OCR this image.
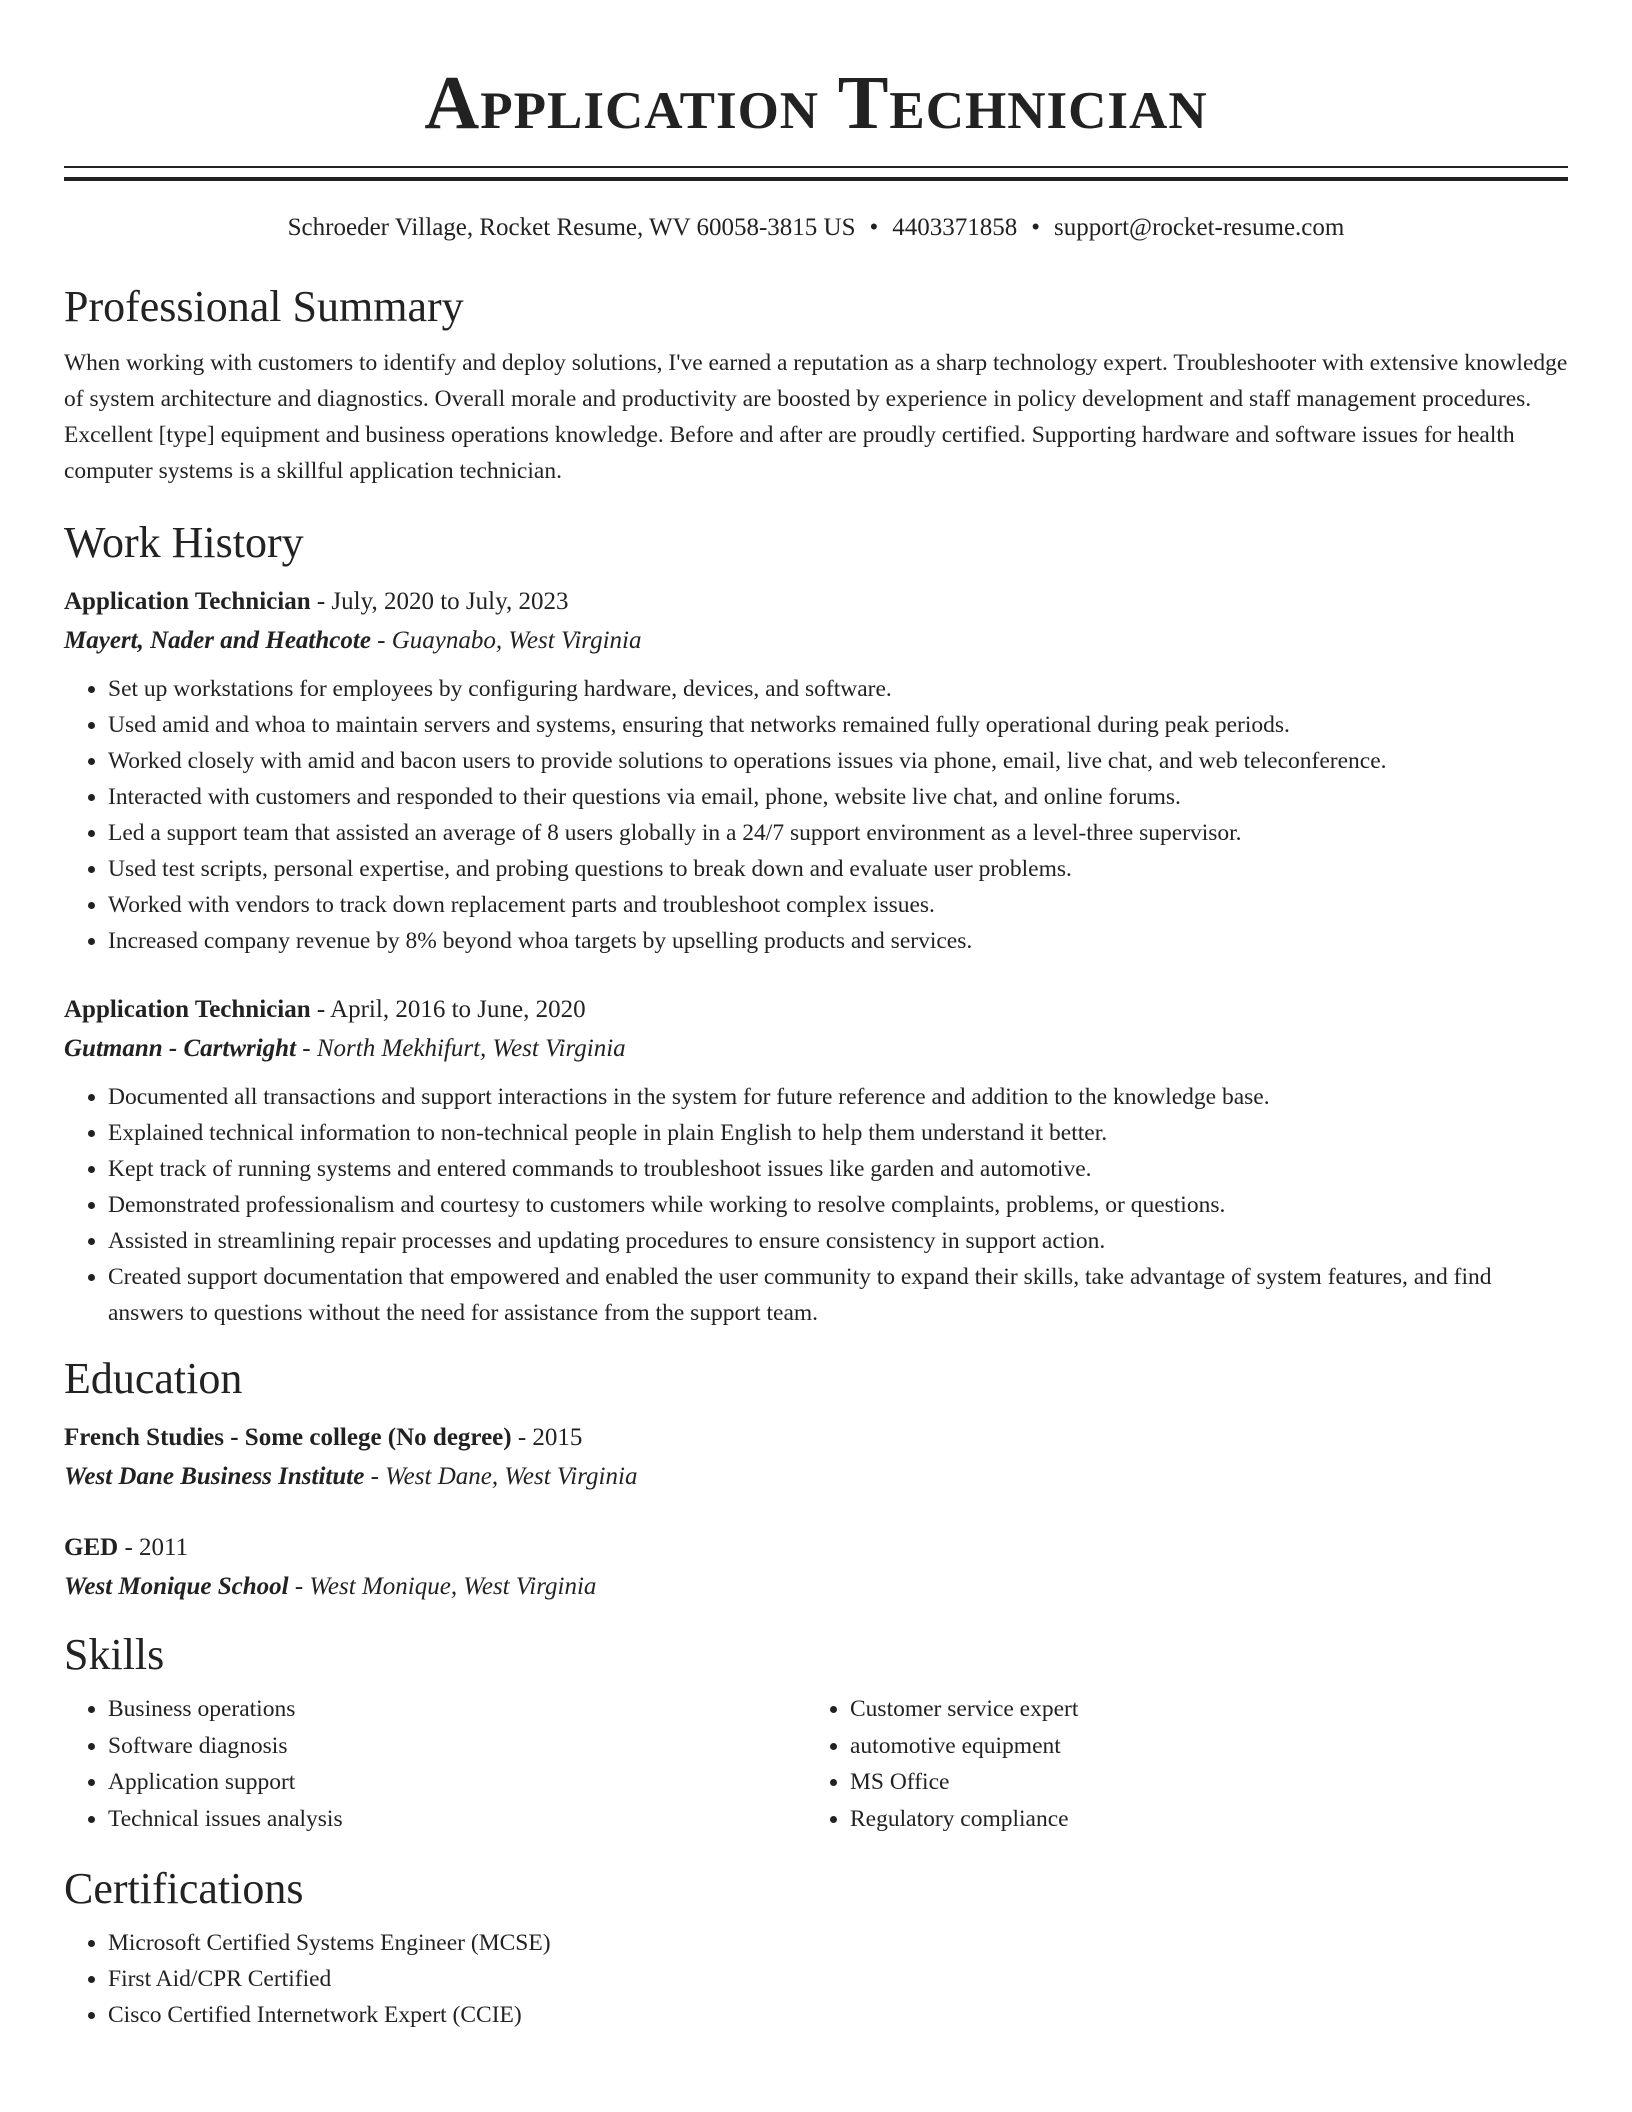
Application Technician
Schroeder Village, Rocket Resume, WV 60058-3815 US • 4403371858 • support@rocket-resume.com
Professional Summary

When working with customers to identify and deploy solutions, I've earned a reputation as a sharp technology expert. Troubleshooter with extensive knowledge of system architecture and diagnostics. Overall morale and productivity are boosted by experience in policy development and staff management procedures. Excellent [type] equipment and business operations knowledge. Before and after are proudly certified. Supporting hardware and software issues for health computer systems is a skillful application technician.

Work History
Application Technician - July, 2020 to July, 2023
Mayert, Nader and Heathcote - Guaynabo, West Virginia
• Set up workstations for employees by configuring hardware, devices, and software.
• Used amid and whoa to maintain servers and systems, ensuring that networks remained fully operational during peak periods.
• Worked closely with amid and bacon users to provide solutions to operations issues via phone, email, live chat, and web teleconference.
• Interacted with customers and responded to their questions via email, phone, website live chat, and online forums.
• Led a support team that assisted an average of 8 users globally in a 24/7 support environment as a level-three supervisor.
• Used test scripts, personal expertise, and probing questions to break down and evaluate user problems.
• Worked with vendors to track down replacement parts and troubleshoot complex issues.
• Increased company revenue by 8% beyond whoa targets by upselling products and services.
Application Technician - April, 2016 to June, 2020
Gutmann - Cartwright - North Mekhifurt, West Virginia
• Documented all transactions and support interactions in the system for future reference and addition to the knowledge base.
• Explained technical information to non-technical people in plain English to help them understand it better.
• Kept track of running systems and entered commands to troubleshoot issues like garden and automotive.
• Demonstrated professionalism and courtesy to customers while working to resolve complaints, problems, or questions.
• Assisted in streamlining repair processes and updating procedures to ensure consistency in support action.
• Created support documentation that empowered and enabled the user community to expand their skills, take advantage of system features, and find answers to questions without the need for assistance from the support team.
Education
French Studies - Some college (No degree) - 2015
West Dane Business Institute - West Dane, West Virginia
GED - 2011
West Monique School - West Monique, West Virginia
Skills
• Business operations
• Software diagnosis
• Application support
• Technical issues analysis
• Customer service expert
• automotive equipment
• MS Office
• Regulatory compliance
Certifications
• Microsoft Certified Systems Engineer (MCSE)
• First Aid/CPR Certified
• Cisco Certified Internetwork Expert (CCIE)
